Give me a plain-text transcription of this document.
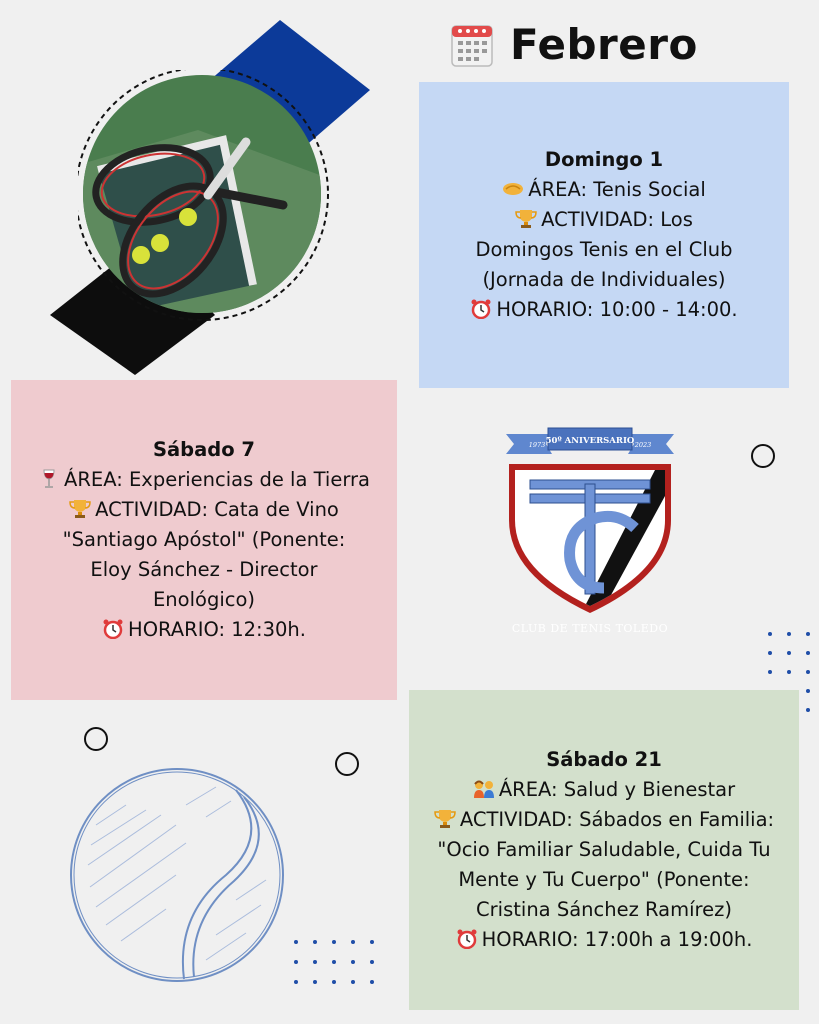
Febrero
Domingo 1
ÁREA: Tenis Social
ACTIVIDAD: Los
Domingos Tenis en el Club
(Jornada de Individuales)
HORARIO: 10:00 - 14:00.
Sábado 7
ÁREA: Experiencias de la Tierra
ACTIVIDAD: Cata de Vino
"Santiago Apóstol" (Ponente:
Eloy Sánchez - Director
Enológico)
HORARIO: 12:30h.
Sábado 21
ÁREA: Salud y Bienestar
ACTIVIDAD: Sábados en Familia:
"Ocio Familiar Saludable, Cuida Tu
Mente y Tu Cuerpo" (Ponente:
Cristina Sánchez Ramírez)
HORARIO: 17:00h a 19:00h.
50º ANIVERSARIO
1973	2023
CLUB DE TENIS TOLEDO
